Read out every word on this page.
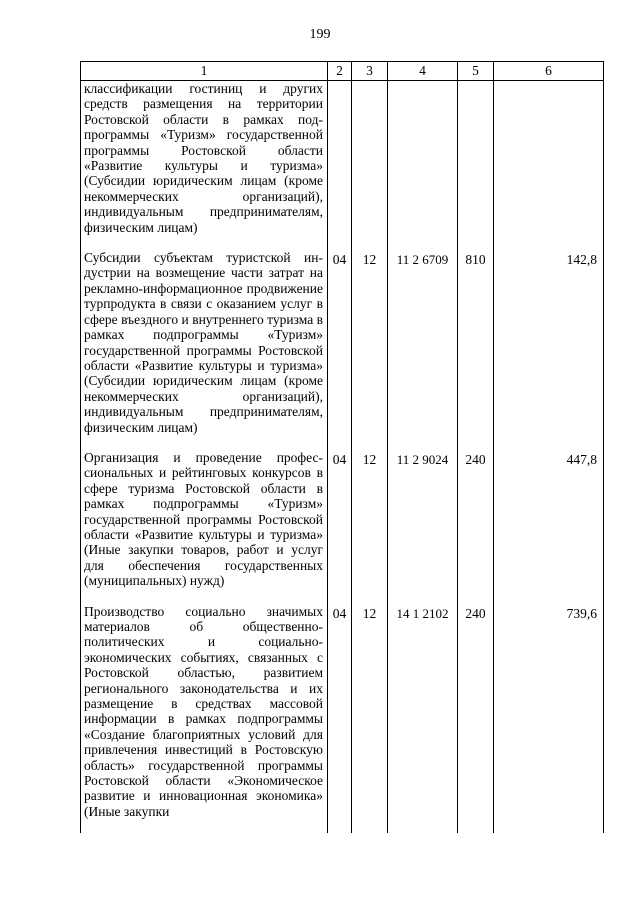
199
1	2	3	4	5	6
классификации гостиниц и других средств размещения на территории Ростовской области в рамках подпрограммы «Туризм» государственной программы Ростовской области «Развитие культуры и туризма» (Субсидии юридическим лицам (кроме некоммерческих организаций), индивидуальным предпринимателям, физическим лицам)					
Субсидии субъектам туристской индустрии на возмещение части затрат на рекламно-информационное продвижение турпродукта в связи с оказанием услуг в сфере въездного и внутреннего туризма в рамках подпрограммы «Туризм» государственной программы Ростовской области «Развитие культуры и туризма» (Субсидии юридическим лицам (кроме некоммерческих организаций), индивидуальным предпринимателям, физическим лицам)	04	12	11 2 6709	810	142,8
Организация и проведение профессиональных и рейтинговых конкурсов в сфере туризма Ростовской области в рамках подпрограммы «Туризм» государственной программы Ростовской области «Развитие культуры и туризма» (Иные закупки товаров, работ и услуг для обеспечения государственных (муниципальных) нужд)	04	12	11 2 9024	240	447,8
Производство социально значимых материалов об общественно-политических и социально-экономических событиях, связанных с Ростовской областью, развитием регионального законодательства и их размещение в средствах массовой информации в рамках подпрограммы «Создание благоприятных условий для привлечения инвестиций в Ростовскую область» государственной программы Ростовской области «Экономическое развитие и инновационная экономика» (Иные закупки	04	12	14 1 2102	240	739,6
